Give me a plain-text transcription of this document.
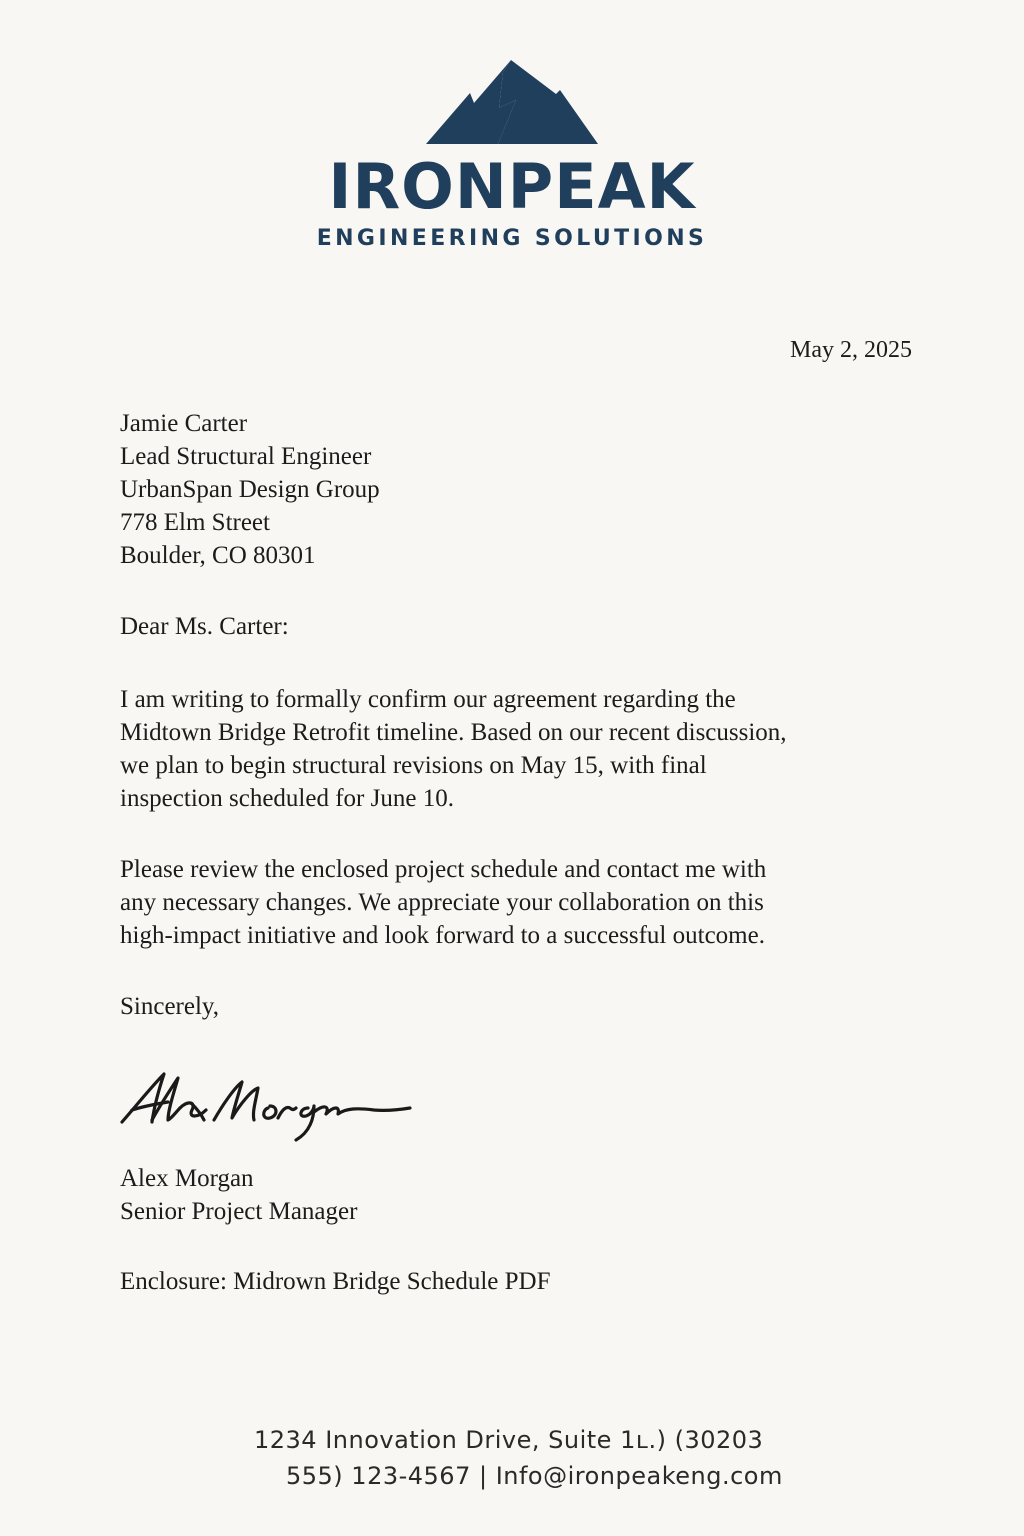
IRONPEAK
ENGINEERING SOLUTIONS
May 2, 2025
Jamie Carter
Lead Structural Engineer
UrbanSpan Design Group
778 Elm Street
Boulder, CO 80301
Dear Ms. Carter:
I am writing to formally confirm our agreement regarding the
Midtown Bridge Retrofit timeline. Based on our recent discussion,
we plan to begin structural revisions on May 15, with final
inspection scheduled for June 10.
Please review the enclosed project schedule and contact me with
any necessary changes. We appreciate your collaboration on this
high-impact initiative and look forward to a successful outcome.
Sincerely,
Alex Morgan
Senior Project Manager
Enclosure: Midrown Bridge Schedule PDF
1234 Innovation Drive, Suite 1ʟ.) (30203
555) 123-4567 | Info@ironpeakeng.com
